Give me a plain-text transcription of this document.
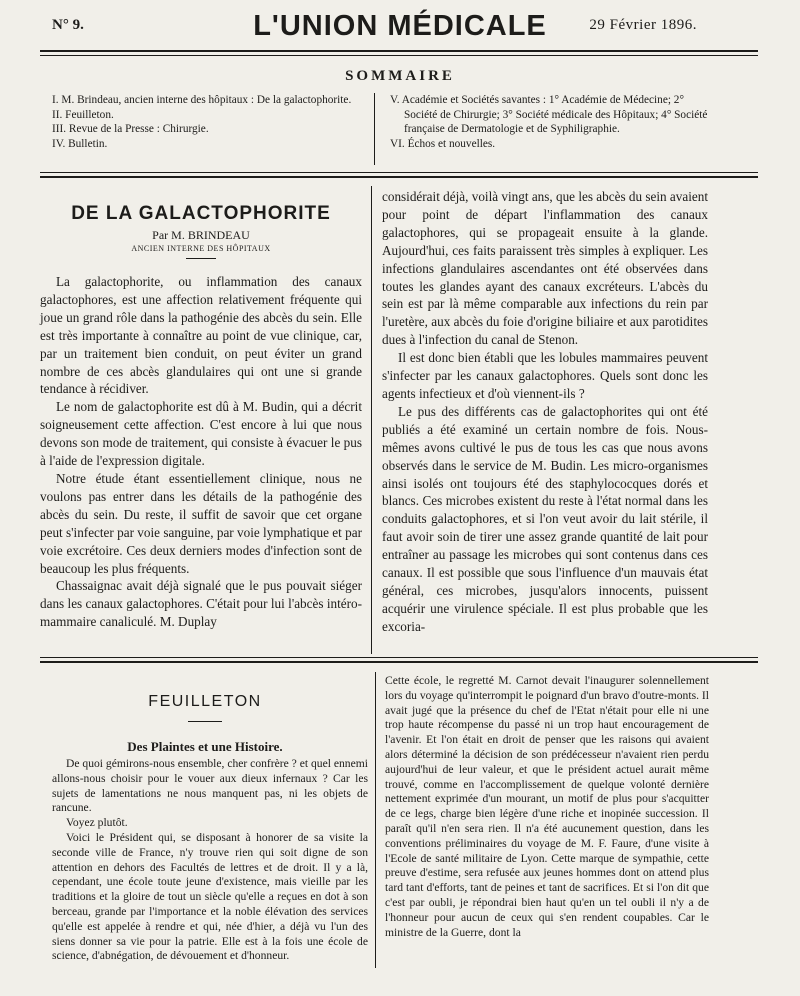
N° 9.	L'UNION MÉDICALE	29 Février 1896.
SOMMAIRE
I. M. Brindeau, ancien interne des hôpitaux : De la galactophorite.
II. Feuilleton.
III. Revue de la Presse : Chirurgie.
IV. Bulletin.
V. Académie et Sociétés savantes : 1° Académie de Médecine; 2° Société de Chirurgie; 3° Société médicale des Hôpitaux; 4° Société française de Dermatologie et de Syphiligraphie.
VI. Échos et nouvelles.
DE LA GALACTOPHORITE
Par M. BRINDEAU
ANCIEN INTERNE DES HÔPITAUX

La galactophorite, ou inflammation des canaux galactophores, est une affection relativement fréquente qui joue un grand rôle dans la pathogénie des abcès du sein. Elle est très importante à connaître au point de vue clinique, car, par un traitement bien conduit, on peut éviter un grand nombre de ces abcès glandulaires qui ont une si grande tendance à récidiver.

Le nom de galactophorite est dû à M. Budin, qui a décrit soigneusement cette affection. C'est encore à lui que nous devons son mode de traitement, qui consiste à évacuer le pus à l'aide de l'expression digitale.

Notre étude étant essentiellement clinique, nous ne voulons pas entrer dans les détails de la pathogénie des abcès du sein. Du reste, il suffit de savoir que cet organe peut s'infecter par voie sanguine, par voie lymphatique et par voie excrétoire. Ces deux derniers modes d'infection sont de beaucoup les plus fréquents.

Chassaignac avait déjà signalé que le pus pouvait siéger dans les canaux galactophores. C'était pour lui l'abcès intéro-mammaire canaliculé. M. Duplay

considérait déjà, voilà vingt ans, que les abcès du sein avaient pour point de départ l'inflammation des canaux galactophores, qui se propageait ensuite à la glande. Aujourd'hui, ces faits paraissent très simples à expliquer. Les infections glandulaires ascendantes ont été observées dans toutes les glandes ayant des canaux excréteurs. L'abcès du sein est par là même comparable aux infections du rein par l'uretère, aux abcès du foie d'origine biliaire et aux parotidites dues à l'infection du canal de Stenon.

Il est donc bien établi que les lobules mammaires peuvent s'infecter par les canaux galactophores. Quels sont donc les agents infectieux et d'où viennent-ils ?

Le pus des différents cas de galactophorites qui ont été publiés a été examiné un certain nombre de fois. Nous-mêmes avons cultivé le pus de tous les cas que nous avons observés dans le service de M. Budin. Les micro-organismes ainsi isolés ont toujours été des staphylococques dorés et blancs. Ces microbes existent du reste à l'état normal dans les conduits galactophores, et si l'on veut avoir du lait stérile, il faut avoir soin de tirer une assez grande quantité de lait pour entraîner au passage les microbes qui sont contenus dans ces canaux. Il est possible que sous l'influence d'un mauvais état général, ces microbes, jusqu'alors innocents, puissent acquérir une virulence spéciale. Il est plus probable que les excoria-

FEUILLETON
Des Plaintes et une Histoire.

De quoi gémirons-nous ensemble, cher confrère ? et quel ennemi allons-nous choisir pour le vouer aux dieux infernaux ? Car les sujets de lamentations ne nous manquent pas, ni les objets de rancune.

Voyez plutôt.

Voici le Président qui, se disposant à honorer de sa visite la seconde ville de France, n'y trouve rien qui soit digne de son attention en dehors des Facultés de lettres et de droit. Il y a là, cependant, une école toute jeune d'existence, mais vieille par les traditions et la gloire de tout un siècle qu'elle a reçues en dot à son berceau, grande par l'importance et la noble élévation des services qu'elle est appelée à rendre et qui, née d'hier, a déjà vu l'un des siens donner sa vie pour la patrie. Elle est à la fois une école de science, d'abnégation, de dévouement et d'honneur.

Cette école, le regretté M. Carnot devait l'inaugurer solennellement lors du voyage qu'interrompit le poignard d'un bravo d'outre-monts. Il avait jugé que la présence du chef de l'Etat n'était pour elle ni une trop haute récompense du passé ni un trop haut encouragement de l'avenir. Et l'on était en droit de penser que les raisons qui avaient alors déterminé la décision de son prédécesseur n'avaient rien perdu aujourd'hui de leur valeur, et que le président actuel aurait même trouvé, comme en l'accomplissement de quelque volonté dernière nettement exprimée d'un mourant, un motif de plus pour s'acquitter de ce legs, charge bien légère d'une riche et inopinée succession. Il paraît qu'il n'en sera rien. Il n'a été aucunement question, dans les conventions préliminaires du voyage de M. F. Faure, d'une visite à l'Ecole de santé militaire de Lyon. Cette marque de sympathie, cette preuve d'estime, sera refusée aux jeunes hommes dont on attend plus tard tant d'efforts, tant de peines et tant de sacrifices. Et si l'on dit que c'est par oubli, je répondrai bien haut qu'en un tel oubli il n'y a de l'honneur pour aucun de ceux qui s'en rendent coupables. Car le ministre de la Guerre, dont la
